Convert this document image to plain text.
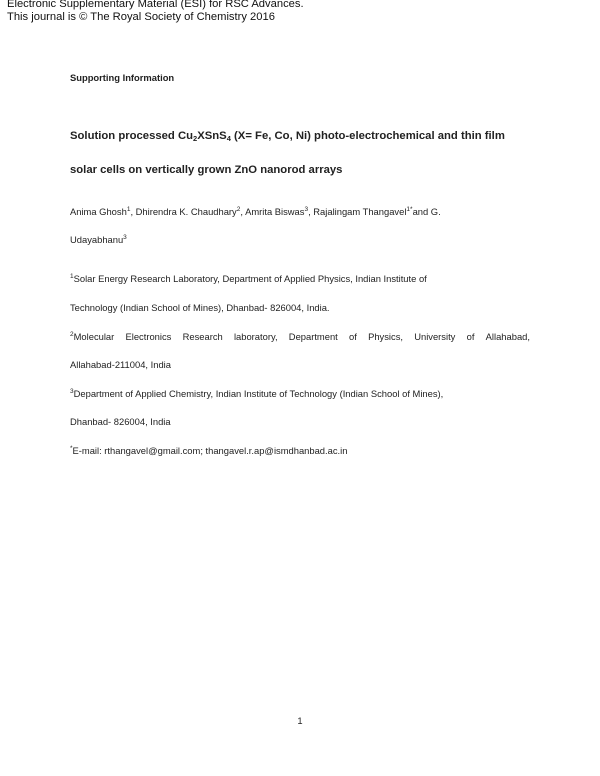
Electronic Supplementary Material (ESI) for RSC Advances.
This journal is © The Royal Society of Chemistry 2016
Supporting Information
Solution processed $Cu_2XSnS_4$ (X= Fe, Co, Ni) photo-electrochemical and thin film
solar cells on vertically grown ZnO nanorod arrays
Anima Ghosh$^1$, Dhirendra K. Chaudhary$^2$, Amrita Biswas$^3$, Rajalingam Thangavel$^{1*}$and G.
Udayabhanu$^3$
$^1$Solar Energy Research Laboratory, Department of Applied Physics, Indian Institute of
Technology (Indian School of Mines), Dhanbad- 826004, India.
$^2$Molecular Electronics Research laboratory, Department of Physics, University of Allahabad,
Allahabad-211004, India
$^3$Department of Applied Chemistry, Indian Institute of Technology (Indian School of Mines),
Dhanbad- 826004, India
*E-mail: rthangavel@gmail.com; thangavel.r.ap@ismdhanbad.ac.in
1
